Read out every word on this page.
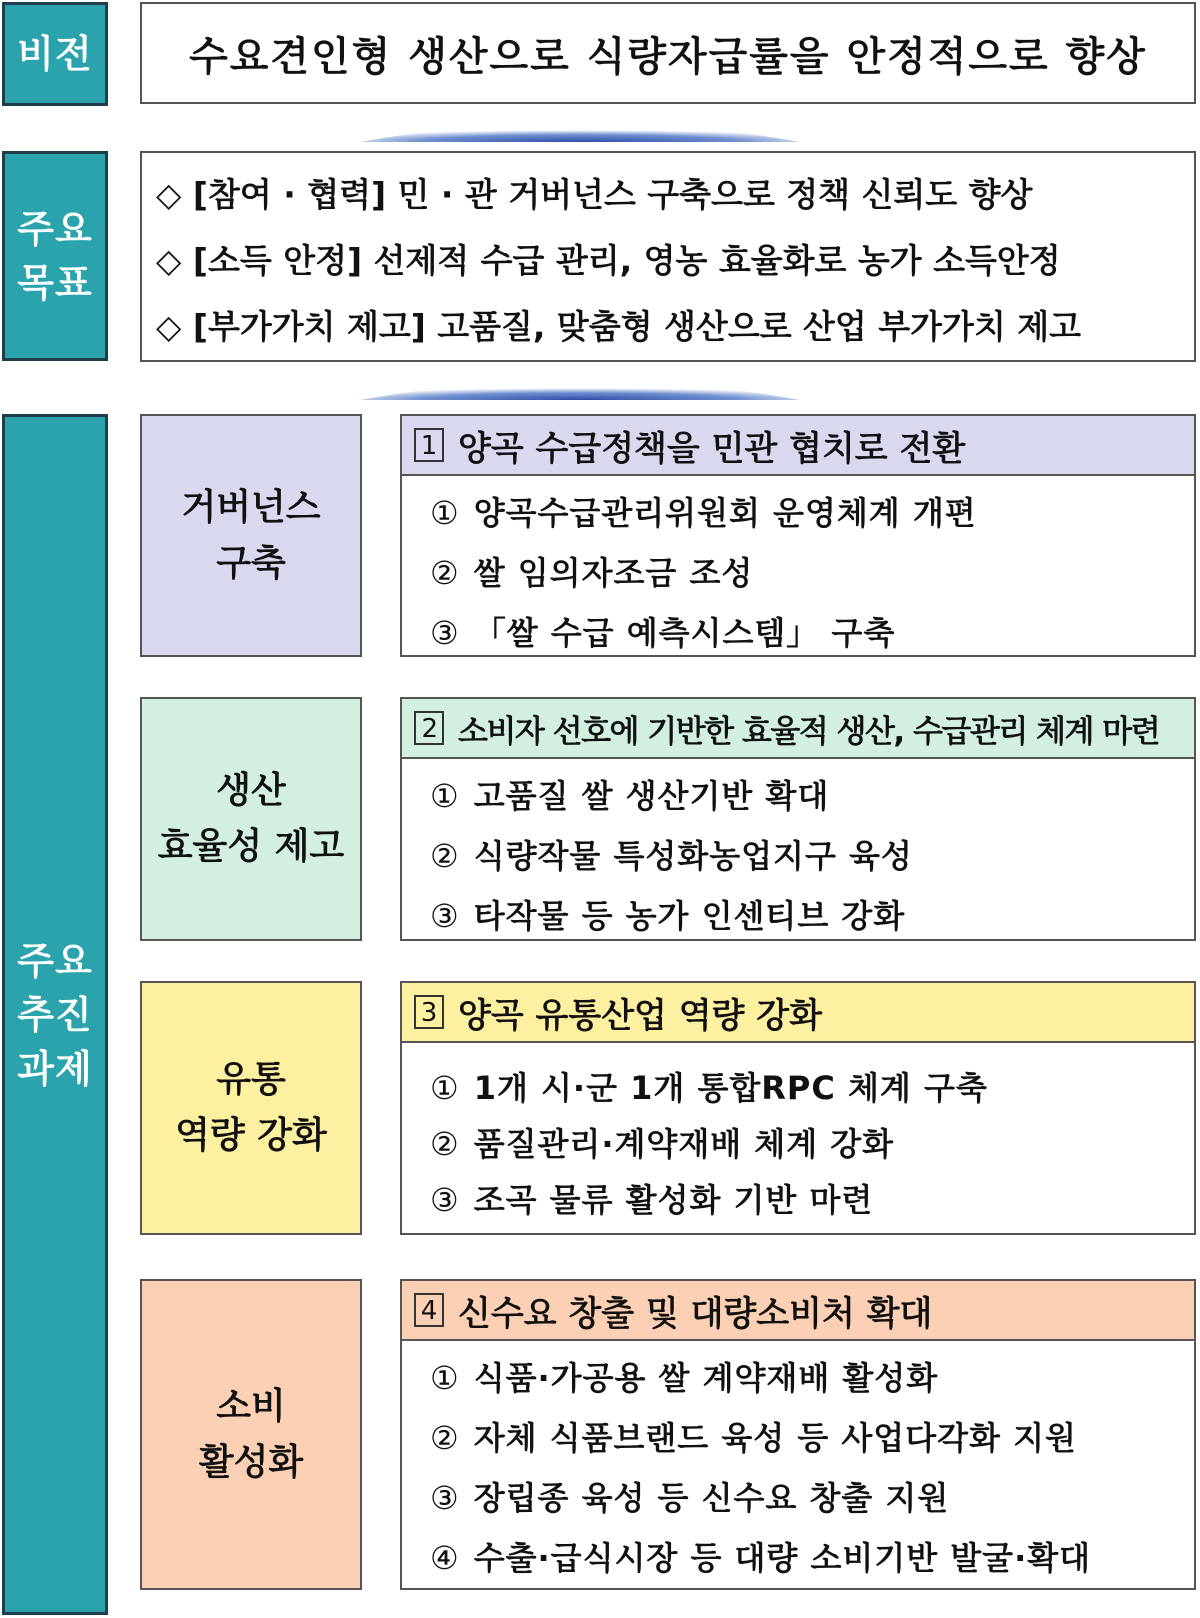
비전 수요견인형 생산으로 식량자급률을 안정적으로 향상
주요
목표
◇ [참여 · 협력] 민 · 관 거버넌스 구축으로 정책 신뢰도 향상
◇ [소득 안정] 선제적 수급 관리, 영농 효율화로 농가 소득안정
◇ [부가가치 제고] 고품질, 맞춤형 생산으로 산업 부가가치 제고
주요
추진
과제
거버넌스
구축
1 양곡 수급정책을 민관 협치로 전환
① 양곡수급관리위원회 운영체계 개편
② 쌀 임의자조금 조성
③ 「쌀 수급 예측시스템」 구축
생산
효율성 제고
2 소비자 선호에 기반한 효율적 생산, 수급관리 체계 마련
① 고품질 쌀 생산기반 확대
② 식량작물 특성화농업지구 육성
③ 타작물 등 농가 인센티브 강화
유통
역량 강화
3 양곡 유통산업 역량 강화
① 1개 시·군 1개 통합RPC 체계 구축
② 품질관리·계약재배 체계 강화
③ 조곡 물류 활성화 기반 마련
소비
활성화
4 신수요 창출 및 대량소비처 확대
① 식품·가공용 쌀 계약재배 활성화
② 자체 식품브랜드 육성 등 사업다각화 지원
③ 장립종 육성 등 신수요 창출 지원
④ 수출·급식시장 등 대량 소비기반 발굴·확대
